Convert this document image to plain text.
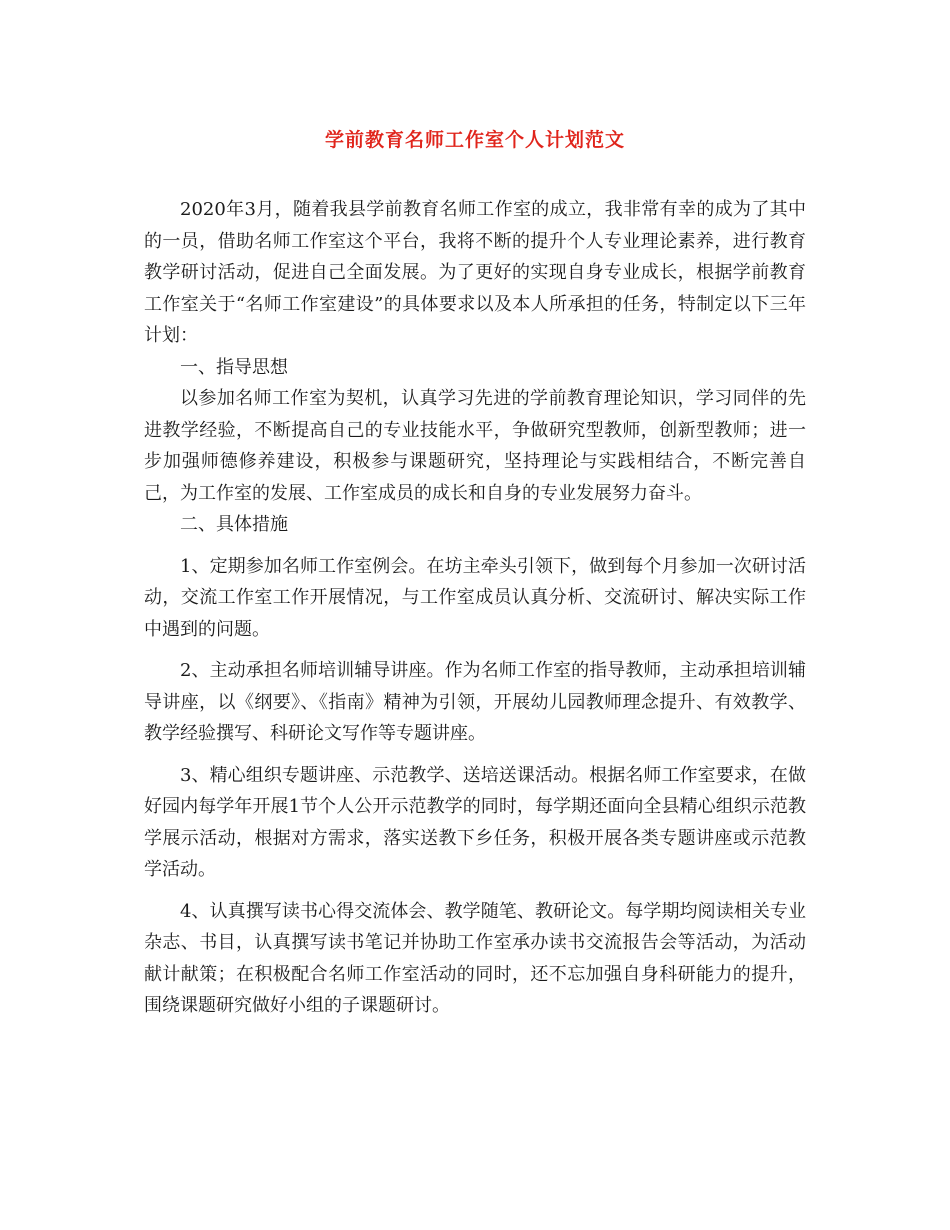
学前教育名师工作室个人计划范文

2020年3月，随着我县学前教育名师工作室的成立，我非常有幸的成为了其中的一员，借助名师工作室这个平台，我将不断的提升个人专业理论素养，进行教育教学研讨活动，促进自己全面发展。为了更好的实现自身专业成长，根据学前教育工作室关于“名师工作室建设”的具体要求以及本人所承担的任务，特制定以下三年计划：

一、指导思想

以参加名师工作室为契机，认真学习先进的学前教育理论知识，学习同伴的先进教学经验，不断提高自己的专业技能水平，争做研究型教师，创新型教师；进一步加强师德修养建设，积极参与课题研究，坚持理论与实践相结合，不断完善自己，为工作室的发展、工作室成员的成长和自身的专业发展努力奋斗。

二、具体措施

1、定期参加名师工作室例会。在坊主牵头引领下，做到每个月参加一次研讨活动，交流工作室工作开展情况，与工作室成员认真分析、交流研讨、解决实际工作中遇到的问题。

2、主动承担名师培训辅导讲座。作为名师工作室的指导教师，主动承担培训辅导讲座，以《纲要》、《指南》精神为引领，开展幼儿园教师理念提升、有效教学、教学经验撰写、科研论文写作等专题讲座。

3、精心组织专题讲座、示范教学、送培送课活动。根据名师工作室要求，在做好园内每学年开展1节个人公开示范教学的同时，每学期还面向全县精心组织示范教学展示活动，根据对方需求，落实送教下乡任务，积极开展各类专题讲座或示范教学活动。

4、认真撰写读书心得交流体会、教学随笔、教研论文。每学期均阅读相关专业杂志、书目，认真撰写读书笔记并协助工作室承办读书交流报告会等活动，为活动献计献策；在积极配合名师工作室活动的同时，还不忘加强自身科研能力的提升，围绕课题研究做好小组的子课题研讨。
